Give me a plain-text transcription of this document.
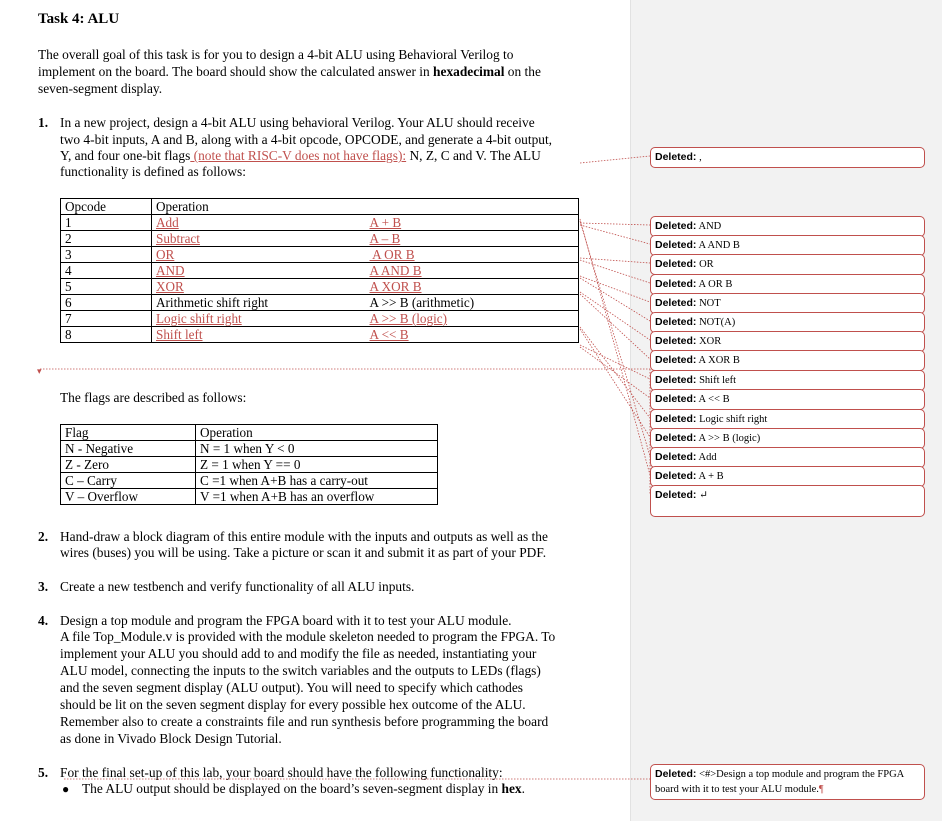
Task 4: ALU
The overall goal of this task is for you to design a 4-bit ALU using Behavioral Verilog to
implement on the board. The board should show the calculated answer in hexadecimal on the
seven-segment display.
1. In a new project, design a 4-bit ALU using behavioral Verilog. Your ALU should receive
two 4-bit inputs, A and B, along with a 4-bit opcode, OPCODE, and generate a 4-bit output,
Y, and four one-bit flags (note that RISC-V does not have flags): N, Z, C and V. The ALU
functionality is defined as follows:
Opcode	Operation	
1	Add	A + B
2	Subtract	A – B
3	OR	A OR B
4	AND	A AND B
5	XOR	A XOR B
6	Arithmetic shift right	A >> B (arithmetic)
7	Logic shift right	A >> B (logic)
8	Shift left	A << B
▾
The flags are described as follows:
Flag	Operation
N - Negative	N = 1 when Y < 0
Z - Zero	Z = 1 when Y == 0
C – Carry	C =1 when A+B has a carry-out
V – Overflow	V =1 when A+B has an overflow
2. Hand-draw a block diagram of this entire module with the inputs and outputs as well as the
wires (buses) you will be using. Take a picture or scan it and submit it as part of your PDF.
3. Create a new testbench and verify functionality of all ALU inputs.
4. Design a top module and program the FPGA board with it to test your ALU module.
A file Top_Module.v is provided with the module skeleton needed to program the FPGA. To
implement your ALU you should add to and modify the file as needed, instantiating your
ALU model, connecting the inputs to the switch variables and the outputs to LEDs (flags)
and the seven segment display (ALU output). You will need to specify which cathodes
should be lit on the seven segment display for every possible hex outcome of the ALU.
Remember also to create a constraints file and run synthesis before programming the board
as done in Vivado Block Design Tutorial.
5. For the final set-up of this lab, your board should have the following functionality:
● The ALU output should be displayed on the board’s seven-segment display in hex.
Deleted: ,
Deleted: AND
Deleted: A AND B
Deleted: OR
Deleted: A OR B
Deleted: NOT
Deleted: NOT(A)
Deleted: XOR
Deleted: A XOR B
Deleted: Shift left
Deleted: A << B
Deleted: Logic shift right
Deleted: A >> B (logic)
Deleted: Add
Deleted: A + B
Deleted: ↵
Deleted: <#>Design a top module and program the FPGA
board with it to test your ALU module.¶
